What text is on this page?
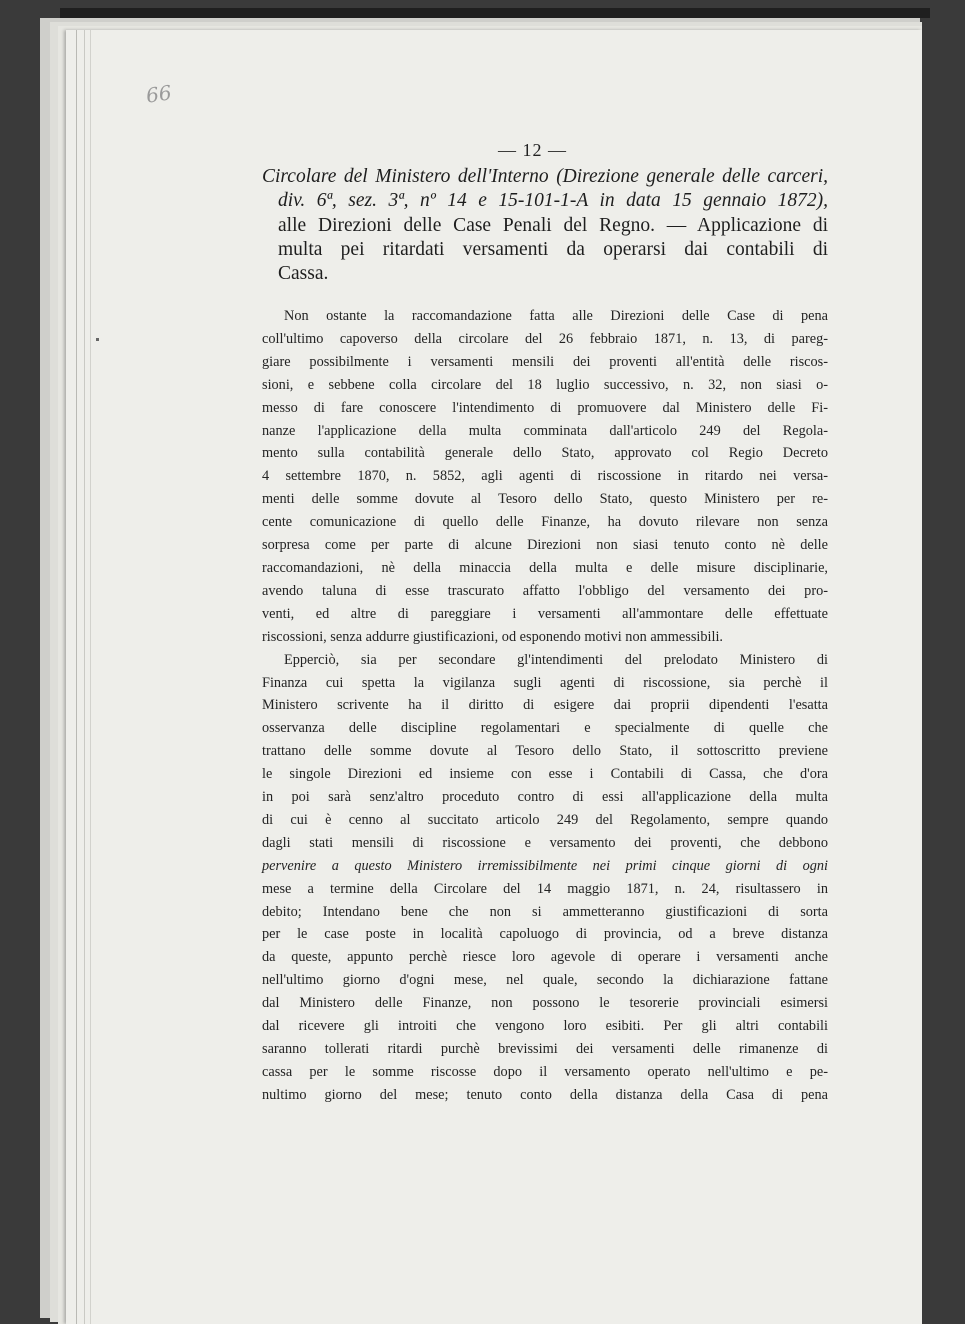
66
— 12 —
Circolare del Ministero dell'Interno (Direzione generale delle carceri,
div. 6ª, sez. 3ª, nº 14 e 15-101-1-A in data 15 gennaio 1872),
alle Direzioni delle Case Penali del Regno. — Applicazione di
multa pei ritardati versamenti da operarsi dai contabili di
Cassa.
Non ostante la raccomandazione fatta alle Direzioni delle Case di pena
coll'ultimo capoverso della circolare del 26 febbraio 1871, n. 13, di pareg-
giare possibilmente i versamenti mensili dei proventi all'entità delle riscos-
sioni, e sebbene colla circolare del 18 luglio successivo, n. 32, non siasi o-
messo di fare conoscere l'intendimento di promuovere dal Ministero delle Fi-
nanze l'applicazione della multa comminata dall'articolo 249 del Regola-
mento sulla contabilità generale dello Stato, approvato col Regio Decreto
4 settembre 1870, n. 5852, agli agenti di riscossione in ritardo nei versa-
menti delle somme dovute al Tesoro dello Stato, questo Ministero per re-
cente comunicazione di quello delle Finanze, ha dovuto rilevare non senza
sorpresa come per parte di alcune Direzioni non siasi tenuto conto nè delle
raccomandazioni, nè della minaccia della multa e delle misure disciplinarie,
avendo taluna di esse trascurato affatto l'obbligo del versamento dei pro-
venti, ed altre di pareggiare i versamenti all'ammontare delle effettuate
riscossioni, senza addurre giustificazioni, od esponendo motivi non ammessibili.
Epperciò, sia per secondare gl'intendimenti del prelodato Ministero di
Finanza cui spetta la vigilanza sugli agenti di riscossione, sia perchè il
Ministero scrivente ha il diritto di esigere dai proprii dipendenti l'esatta
osservanza delle discipline regolamentari e specialmente di quelle che
trattano delle somme dovute al Tesoro dello Stato, il sottoscritto previene
le singole Direzioni ed insieme con esse i Contabili di Cassa, che d'ora
in poi sarà senz'altro proceduto contro di essi all'applicazione della multa
di cui è cenno al succitato articolo 249 del Regolamento, sempre quando
dagli stati mensili di riscossione e versamento dei proventi, che debbono
pervenire a questo Ministero irremissibilmente nei primi cinque giorni di ogni
mese a termine della Circolare del 14 maggio 1871, n. 24, risultassero in
debito; Intendano bene che non si ammetteranno giustificazioni di sorta
per le case poste in località capoluogo di provincia, od a breve distanza
da queste, appunto perchè riesce loro agevole di operare i versamenti anche
nell'ultimo giorno d'ogni mese, nel quale, secondo la dichiarazione fattane
dal Ministero delle Finanze, non possono le tesorerie provinciali esimersi
dal ricevere gli introiti che vengono loro esibiti. Per gli altri contabili
saranno tollerati ritardi purchè brevissimi dei versamenti delle rimanenze di
cassa per le somme riscosse dopo il versamento operato nell'ultimo e pe-
nultimo giorno del mese; tenuto conto della distanza della Casa di pena
